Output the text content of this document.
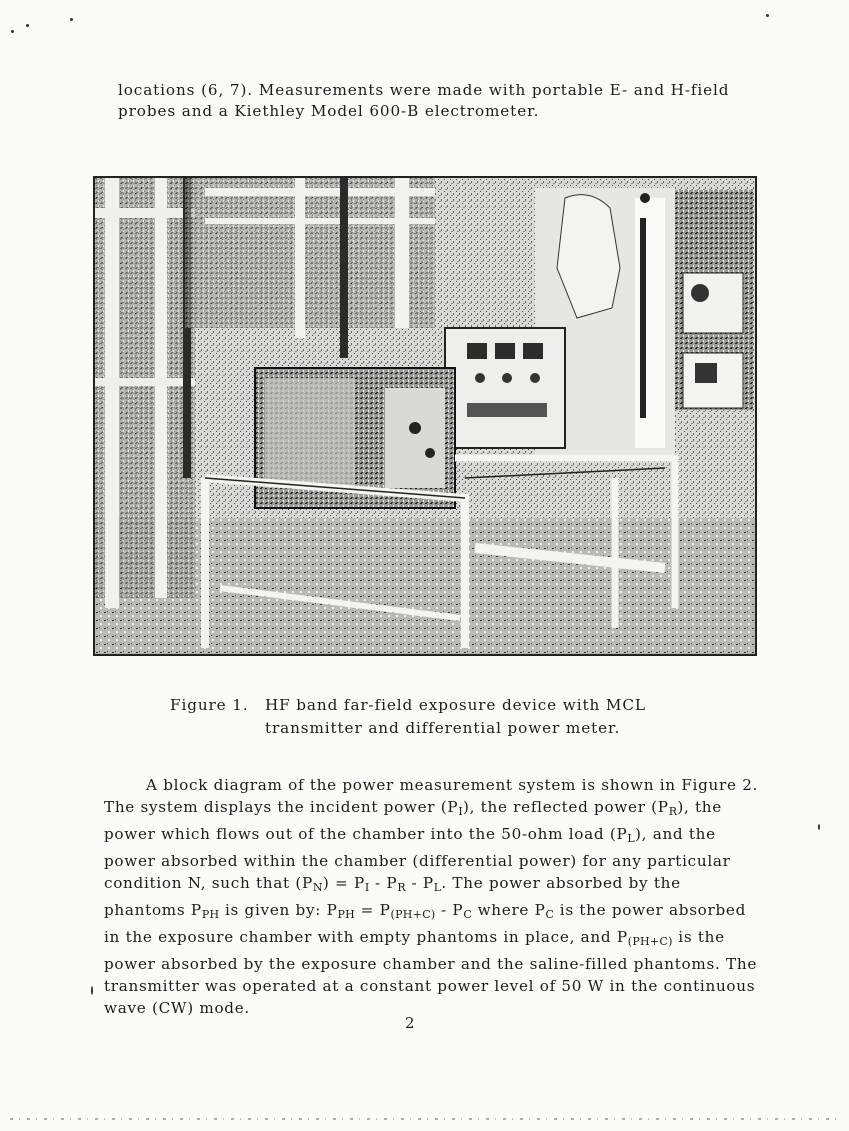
locations (6, 7). Measurements were made with portable E- and H-field probes and a Kiethley Model 600-B electrometer.
Figure 1. HF band far-field exposure device with MCL transmitter and differential power meter.
A block diagram of the power measurement system is shown in Figure 2. The system displays the incident power $(P_I)$, the reflected power $(P_R)$, the power which flows out of the chamber into the 50-ohm load $(P_L)$, and the power absorbed within the chamber (differential power) for any particular condition N, such that $(P_N) = P_I - P_R - P_L$. The power absorbed by the phantoms $P_{PH}$ is given by: $P_{PH} = P_{(PH+C)} - P_C$ where $P_C$ is the power absorbed in the exposure chamber with empty phantoms in place, and $P_{(PH+C)}$ is the power absorbed by the exposure chamber and the saline-filled phantoms. The transmitter was operated at a constant power level of 50 W in the continuous wave (CW) mode.
2
